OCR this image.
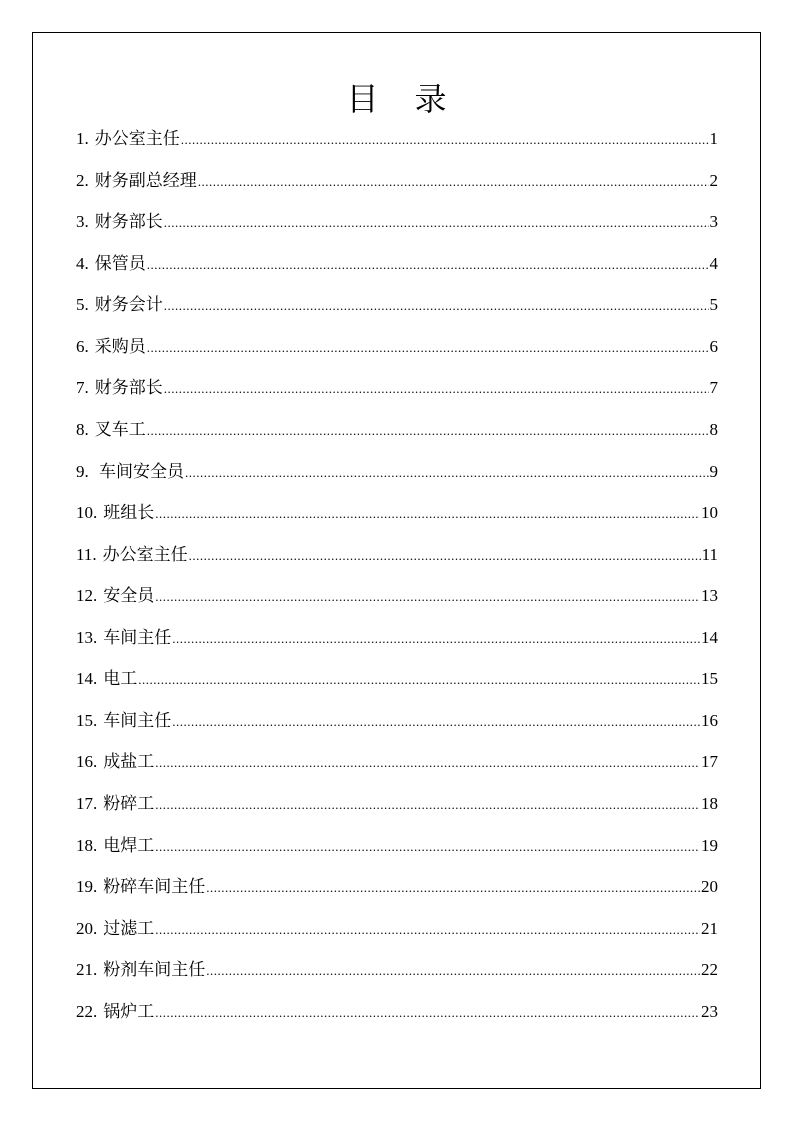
目 录
1. 办公室主任 .....	1
2. 财务副总经理 .....	2
3. 财务部长 .....	3
4. 保管员 .....	4
5. 财务会计 .....	5
6. 采购员 .....	6
7. 财务部长 .....	7
8. 叉车工 .....	8
9. 车间安全员 .....	9
10. 班组长 .....	10
11. 办公室主任 .....	11
12. 安全员 .....	13
13. 车间主任 .....	14
14. 电工 .....	15
15. 车间主任 .....	16
16. 成盐工 .....	17
17. 粉碎工 .....	18
18. 电焊工 .....	19
19. 粉碎车间主任 .....	20
20. 过滤工 .....	21
21. 粉剂车间主任 .....	22
22. 锅炉工 .....	23
